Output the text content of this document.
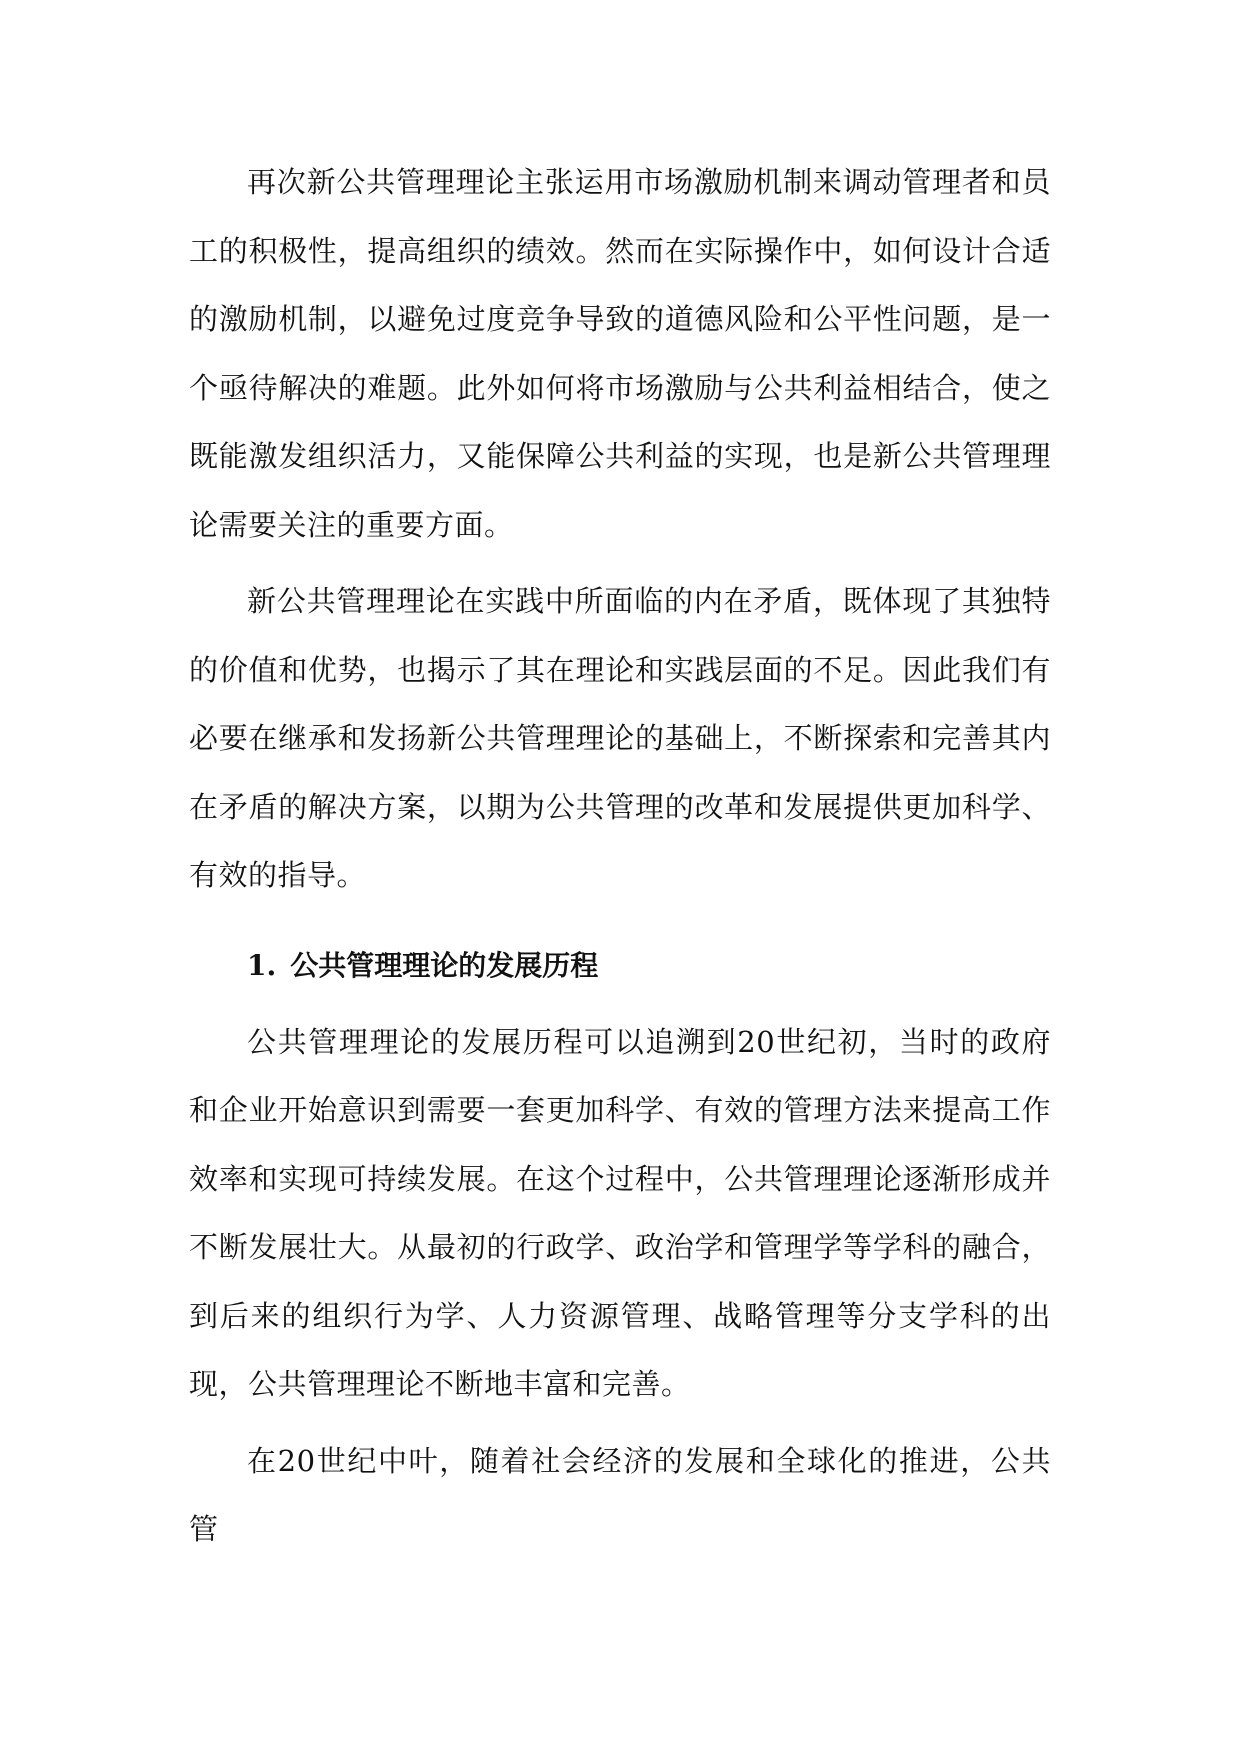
再次新公共管理理论主张运用市场激励机制来调动管理者和员工的积极性，提高组织的绩效。然而在实际操作中，如何设计合适的激励机制，以避免过度竞争导致的道德风险和公平性问题，是一个亟待解决的难题。此外如何将市场激励与公共利益相结合，使之既能激发组织活力，又能保障公共利益的实现，也是新公共管理理论需要关注的重要方面。

新公共管理理论在实践中所面临的内在矛盾，既体现了其独特的价值和优势，也揭示了其在理论和实践层面的不足。因此我们有必要在继承和发扬新公共管理理论的基础上，不断探索和完善其内在矛盾的解决方案，以期为公共管理的改革和发展提供更加科学、有效的指导。

1. 公共管理理论的发展历程

公共管理理论的发展历程可以追溯到20世纪初，当时的政府和企业开始意识到需要一套更加科学、有效的管理方法来提高工作效率和实现可持续发展。在这个过程中，公共管理理论逐渐形成并不断发展壮大。从最初的行政学、政治学和管理学等学科的融合，到后来的组织行为学、人力资源管理、战略管理等分支学科的出现，公共管理理论不断地丰富和完善。

在20世纪中叶，随着社会经济的发展和全球化的推进，公共管
